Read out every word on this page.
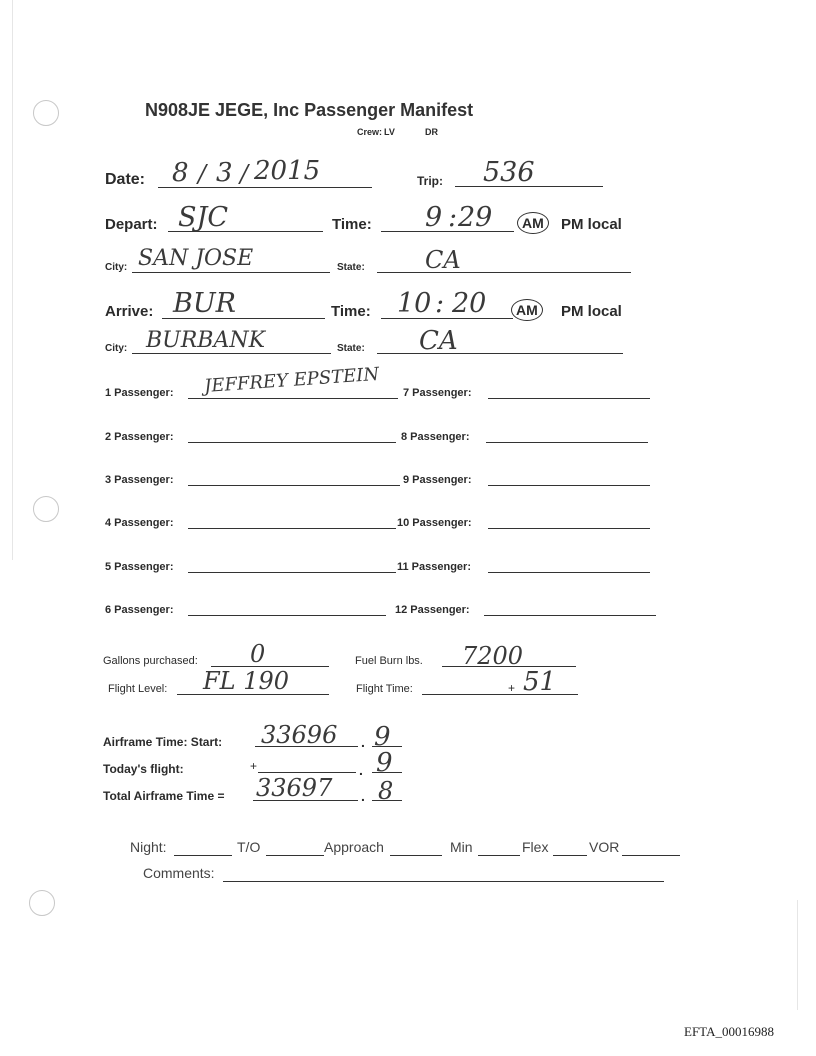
N908JE JEGE, Inc Passenger Manifest
Crew: LV	DR
Date: 8 / 3 / 2015	Trip: 536
Depart: SJC	Time: 9 : 29	AM	PM local
City: SAN JOSE	State:	CA
Arrive: BUR	Time: 10 : 20	AM	PM local
City: BURBANK	State: CA
1 Passenger: JEFFREY EPSTEIN
2 Passenger:
3 Passenger:
4 Passenger:
5 Passenger:
6 Passenger:
7 Passenger:
8 Passenger:
9 Passenger:
10 Passenger:
11 Passenger:
12 Passenger:
Gallons purchased: 0	Fuel Burn lbs. 7200
Flight Level: FL 190	Flight Time:	+ 51
Airframe Time: Start: 33696 . 9
Today's flight:	+	. 9
Total Airframe Time = 33697 . 8
Night:	T/O	Approach	Min	Flex	VOR
Comments:
EFTA_00016988
